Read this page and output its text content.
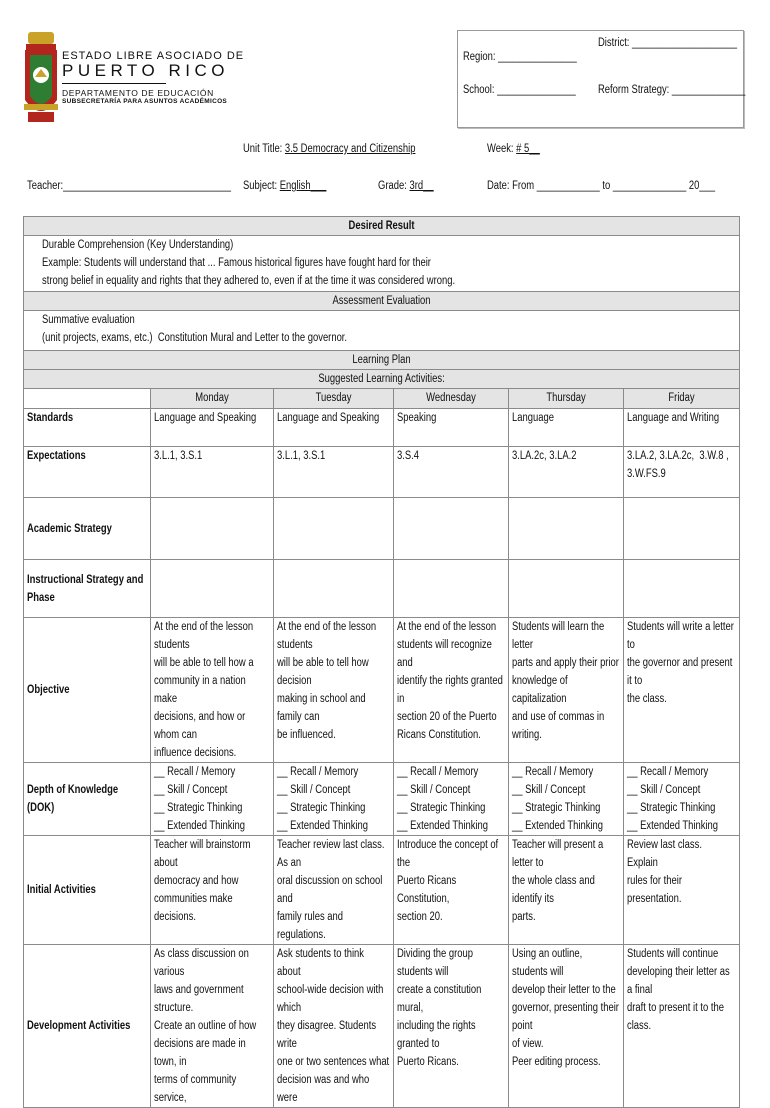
ESTADO LIBRE ASOCIADO DE
PUERTO RICO
DEPARTAMENTO DE EDUCACIÓN
SUBSECRETARÍA PARA ASUNTOS ACADÉMICOS
District: ____________________
Region: _______________
School: _______________ Reform Strategy: ______________
Unit Title: 3.5 Democracy and Citizenship	Week: # 5__
Teacher:________________________________ Subject: English___	Grade: 3rd__	Date: From ____________ to ______________ 20___
Desired Result					

Durable Comprehension (Key Understanding)
Example: Students will understand that ... Famous historical figures have fought hard for their
strong belief in equality and rights that they adhered to, even if at the time it was considered wrong.					

Assessment Evaluation					

Summative evaluation
(unit projects, exams, etc.)  Constitution Mural and Letter to the governor.					

Learning Plan					

Suggested Learning Activities:					

	Monday	Tuesday	Wednesday	Thursday	Friday

Standards	Language and Speaking	Language and Speaking	Speaking	Language	Language and Writing

Expectations	3.L.1, 3.S.1	3.L.1, 3.S.1	3.S.4	3.LA.2c, 3.LA.2	3.LA.2, 3.LA.2c,  3.W.8 ,
3.W.FS.9

Academic Strategy					

Instructional Strategy and Phase					

Objective	At the end of the lesson students
will be able to tell how a
community in a nation make
decisions, and how or whom can
influence decisions.	At the end of the lesson students
will be able to tell how decision
making in school and family can
be influenced.	At the end of the lesson
students will recognize and
identify the rights granted in
section 20 of the Puerto
Ricans Constitution.	Students will learn the letter
parts and apply their prior
knowledge of capitalization
and use of commas in writing.	Students will write a letter to
the governor and present it to
the class.

Depth of Knowledge (DOK)	__ Recall / Memory
__ Skill / Concept
__ Strategic Thinking
__ Extended Thinking	__ Recall / Memory
__ Skill / Concept
__ Strategic Thinking
__ Extended Thinking	__ Recall / Memory
__ Skill / Concept
__ Strategic Thinking
__ Extended Thinking	__ Recall / Memory
__ Skill / Concept
__ Strategic Thinking
__ Extended Thinking	__ Recall / Memory
__ Skill / Concept
__ Strategic Thinking
__ Extended Thinking

Initial Activities	Teacher will brainstorm about
democracy and how
communities make decisions.	Teacher review last class.  As an
oral discussion on school and
family rules and regulations.	Introduce the concept of the
Puerto Ricans Constitution,
section 20.	Teacher will present a letter to
the whole class and identify its
parts.	Review last class.  Explain
rules for their presentation.

Development Activities	As class discussion on various
laws and government structure.
Create an outline of how
decisions are made in town, in
terms of community service,	Ask students to think about
school-wide decision with which
they disagree. Students write
one or two sentences what
decision was and who were	Dividing the group students will
create a constitution mural,
including the rights granted to
Puerto Ricans.	Using an outline, students will
develop their letter to the
governor, presenting their point
of view.
Peer editing process.	Students will continue
developing their letter as a final
draft to present it to the class.
